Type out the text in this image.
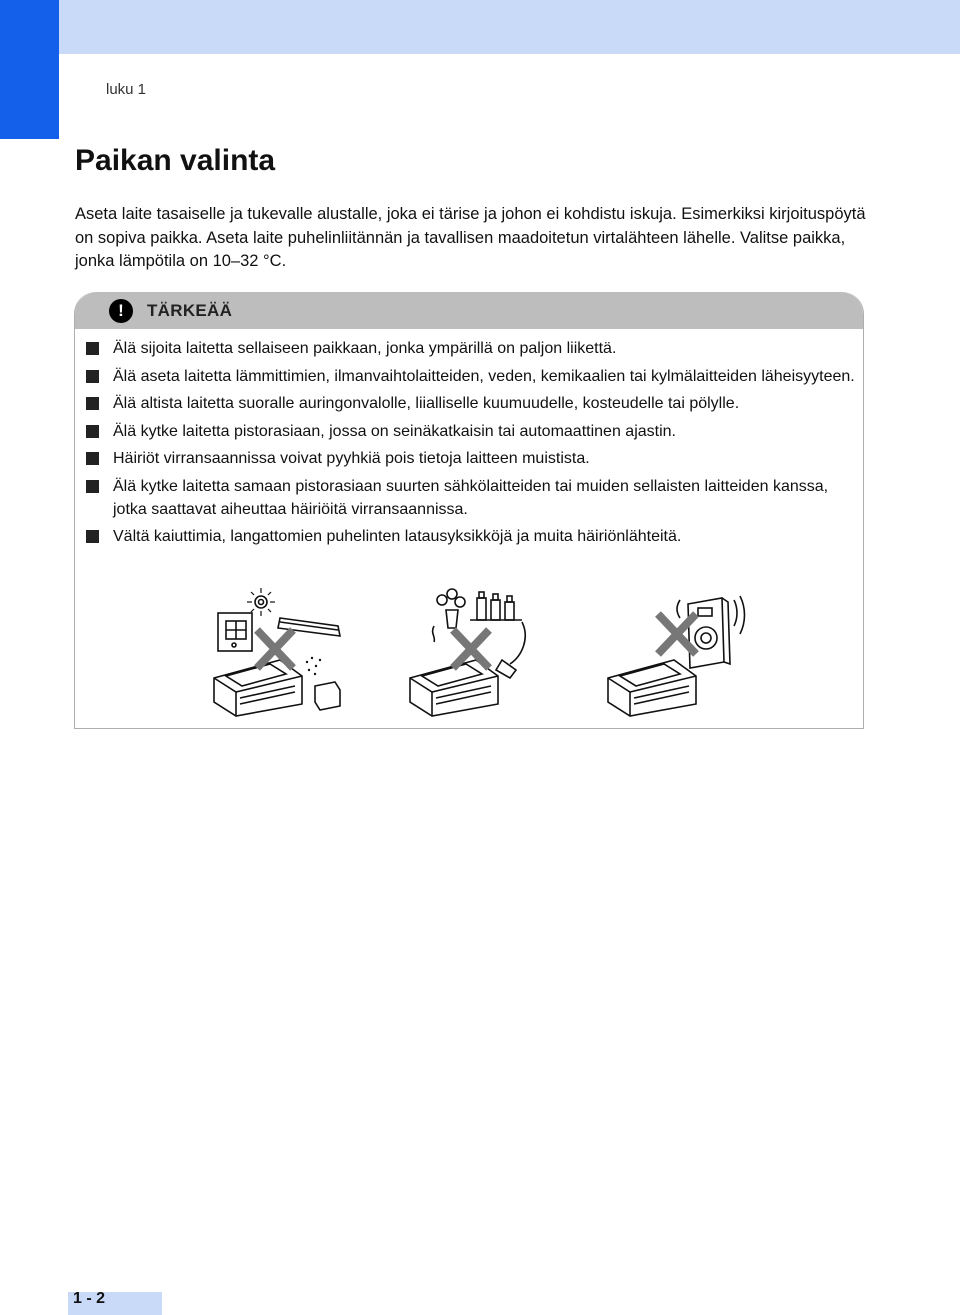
luku 1
Paikan valinta

Aseta laite tasaiselle ja tukevalle alustalle, joka ei tärise ja johon ei kohdistu iskuja. Esimerkiksi kirjoituspöytä on sopiva paikka. Aseta laite puhelinliitännän ja tavallisen maadoitetun virtalähteen lähelle. Valitse paikka, jonka lämpötila on 10–32 °C.

!	TÄRKEÄÄ
Älä sijoita laitetta sellaiseen paikkaan, jonka ympärillä on paljon liikettä.
Älä aseta laitetta lämmittimien, ilmanvaihtolaitteiden, veden, kemikaalien tai kylmälaitteiden läheisyyteen.
Älä altista laitetta suoralle auringonvalolle, liialliselle kuumuudelle, kosteudelle tai pölylle.
Älä kytke laitetta pistorasiaan, jossa on seinäkatkaisin tai automaattinen ajastin.
Häiriöt virransaannissa voivat pyyhkiä pois tietoja laitteen muistista.
Älä kytke laitetta samaan pistorasiaan suurten sähkölaitteiden tai muiden sellaisten laitteiden kanssa, jotka saattavat aiheuttaa häiriöitä virransaannissa.
Vältä kaiuttimia, langattomien puhelinten latausyksikköjä ja muita häiriönlähteitä.
1 - 2
